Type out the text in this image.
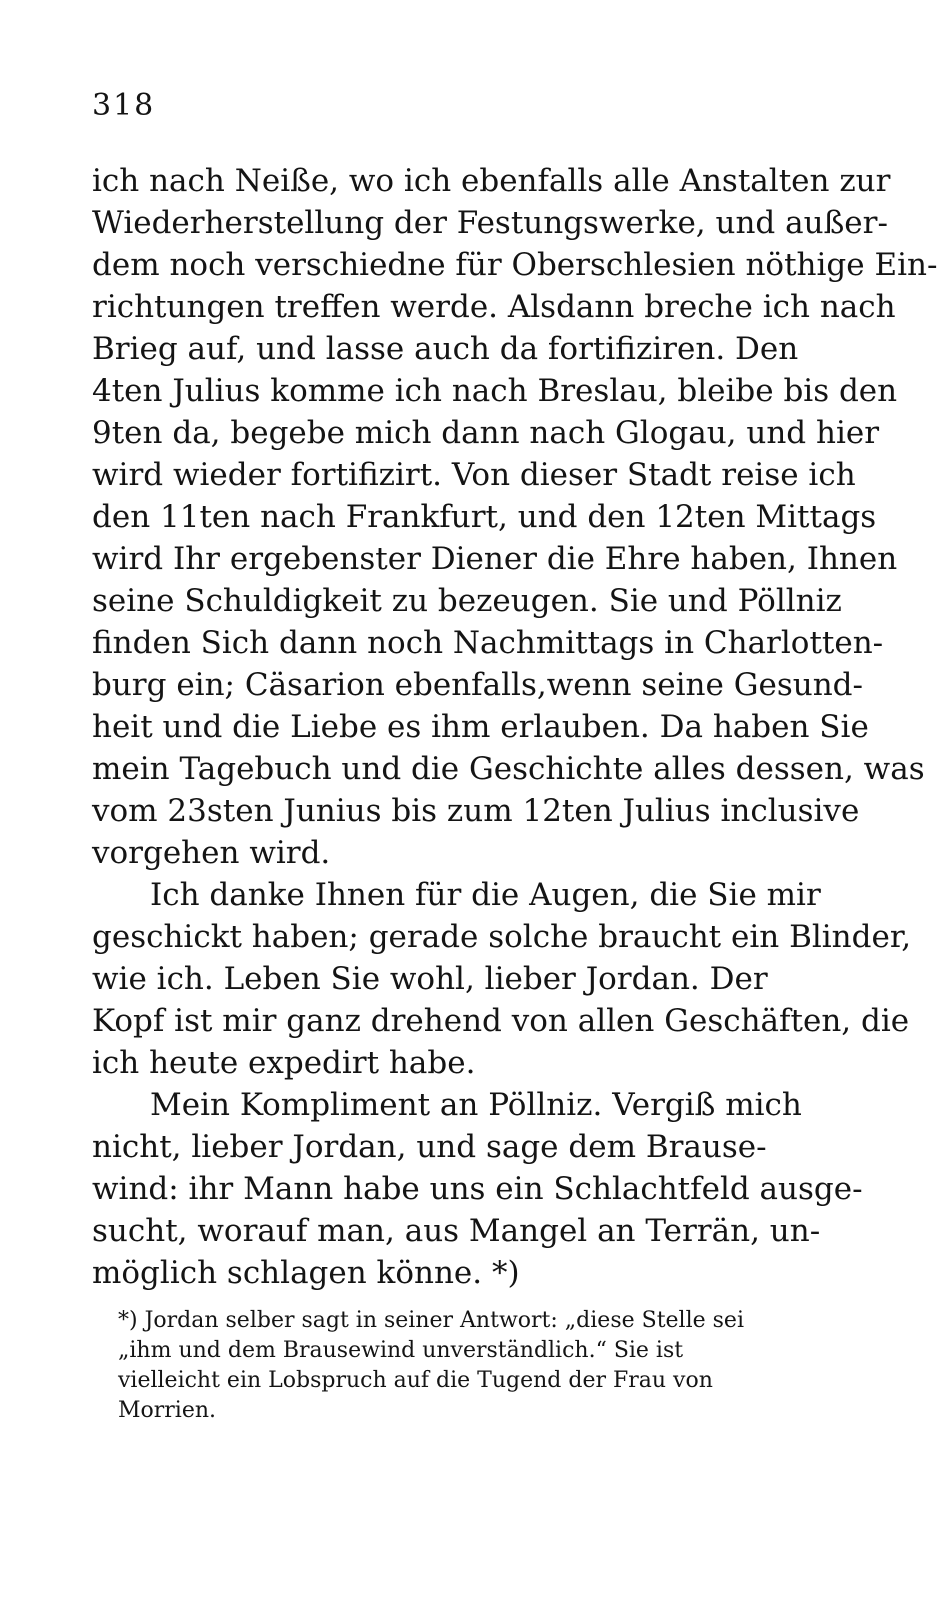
318
ich nach Neiße, wo ich ebenfalls alle Anstalten zur
Wiederherstellung der Festungswerke, und außer-
dem noch verschiedne für Oberschlesien nöthige Ein-
richtungen treffen werde. Alsdann breche ich nach
Brieg auf, und lasse auch da fortifiziren. Den
4ten Julius komme ich nach Breslau, bleibe bis den
9ten da, begebe mich dann nach Glogau, und hier
wird wieder fortifizirt. Von dieser Stadt reise ich
den 11ten nach Frankfurt, und den 12ten Mittags
wird Ihr ergebenster Diener die Ehre haben, Ihnen
seine Schuldigkeit zu bezeugen. Sie und Pöllniz
finden Sich dann noch Nachmittags in Charlotten-
burg ein; Cäsarion ebenfalls,wenn seine Gesund-
heit und die Liebe es ihm erlauben. Da haben Sie
mein Tagebuch und die Geschichte alles dessen, was
vom 23sten Junius bis zum 12ten Julius inclusive
vorgehen wird.
Ich danke Ihnen für die Augen, die Sie mir
geschickt haben; gerade solche braucht ein Blinder,
wie ich. Leben Sie wohl, lieber Jordan. Der
Kopf ist mir ganz drehend von allen Geschäften, die
ich heute expedirt habe.
Mein Kompliment an Pöllniz. Vergiß mich
nicht, lieber Jordan, und sage dem Brause-
wind: ihr Mann habe uns ein Schlachtfeld ausge-
sucht, worauf man, aus Mangel an Terrän, un-
möglich schlagen könne. *)
*) Jordan selber sagt in seiner Antwort: „diese Stelle sei
„ihm und dem Brausewind unverständlich.“ Sie ist
vielleicht ein Lobspruch auf die Tugend der Frau von
Morrien.
